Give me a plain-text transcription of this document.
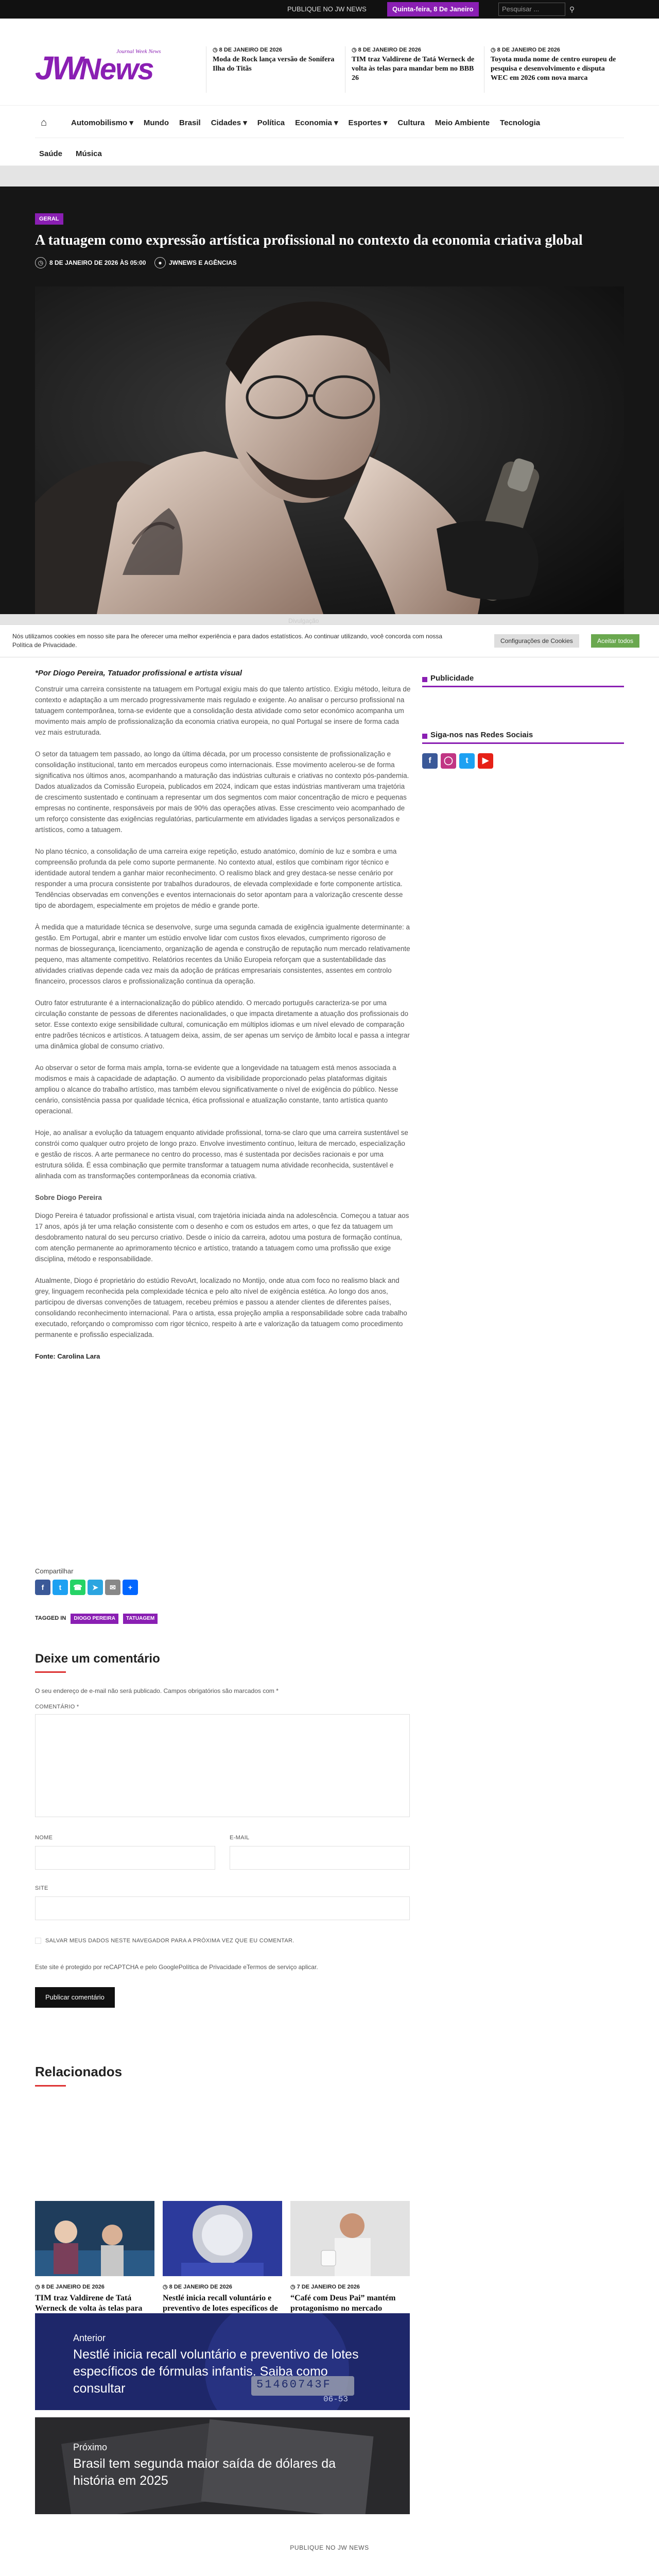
PUBLIQUE NO JW NEWS	Quinta-feira, 8 De Janeiro	Pesquisar ...	⚲
Journal Week News
JW
News
◷ 8 DE JANEIRO DE 2026
Moda de Rock lança versão de Soníferа Ilha do Titãs
◷ 8 DE JANEIRO DE 2026
TIM traz Valdirene de Tatá Werneck de volta às telas para mandar bem no BBB 26
◷ 8 DE JANEIRO DE 2026
Toyota muda nome de centro europeu de pesquisa e desenvolvimento e disputa WEC em 2026 com nova marca
⌂	Automobilismo ▾ Mundo Brasil Cidades ▾ Política Economia ▾ Esportes ▾ Cultura Meio Ambiente Tecnologia
Saúde Música
GERAL
A tatuagem como expressão artística profissional no contexto da economia criativa global
◷ 8 DE JANEIRO DE 2026 ÀS 05:00	●	JWNEWS E AGÊNCIAS
Divulgação

Nós utilizamos cookies em nosso site para lhe oferecer uma melhor experiência e para dados estatísticos. Ao continuar utilizando, você concorda com nossa Política de Privacidade.

Configurações de Cookies	Aceitar todos

*Por Diogo Pereira, Tatuador profissional e artista visual

Construir uma carreira consistente na tatuagem em Portugal exigiu mais do que talento artístico. Exigiu método, leitura de contexto e adaptação a um mercado progressivamente mais regulado e exigente. Ao analisar o percurso profissional na tatuagem contemporânea, torna-se evidente que a consolidação desta atividade como setor económico acompanha um movimento mais amplo de profissionalização da economia criativa europeia, no qual Portugal se insere de forma cada vez mais estruturada.

O setor da tatuagem tem passado, ao longo da última década, por um processo consistente de profissionalização e consolidação institucional, tanto em mercados europeus como internacionais. Esse movimento acelerou-se de forma significativa nos últimos anos, acompanhando a maturação das indústrias culturais e criativas no contexto pós-pandemia. Dados atualizados da Comissão Europeia, publicados em 2024, indicam que estas indústrias mantiveram uma trajetória de crescimento sustentado e continuam a representar um dos segmentos com maior concentração de micro e pequenas empresas no continente, responsáveis por mais de 90% das operações ativas. Esse crescimento veio acompanhado de um reforço consistente das exigências regulatórias, particularmente em atividades ligadas a serviços personalizados e artísticos, como a tatuagem.

No plano técnico, a consolidação de uma carreira exige repetição, estudo anatómico, domínio de luz e sombra e uma compreensão profunda da pele como suporte permanente. No contexto atual, estilos que combinam rigor técnico e identidade autoral tendem a ganhar maior reconhecimento. O realismo black and grey destaca-se nesse cenário por responder a uma procura consistente por trabalhos duradouros, de elevada complexidade e forte componente artística. Tendências observadas em convenções e eventos internacionais do setor apontam para a valorização crescente desse tipo de abordagem, especialmente em projetos de médio e grande porte.

À medida que a maturidade técnica se desenvolve, surge uma segunda camada de exigência igualmente determinante: a gestão. Em Portugal, abrir e manter um estúdio envolve lidar com custos fixos elevados, cumprimento rigoroso de normas de biossegurança, licenciamento, organização de agenda e construção de reputação num mercado relativamente pequeno, mas altamente competitivo. Relatórios recentes da União Europeia reforçam que a sustentabilidade das atividades criativas depende cada vez mais da adoção de práticas empresariais consistentes, assentes em controlo financeiro, processos claros e profissionalização contínua da operação.

Outro fator estruturante é a internacionalização do público atendido. O mercado português caracteriza-se por uma circulação constante de pessoas de diferentes nacionalidades, o que impacta diretamente a atuação dos profissionais do setor. Esse contexto exige sensibilidade cultural, comunicação em múltiplos idiomas e um nível elevado de comparação entre padrões técnicos e artísticos. A tatuagem deixa, assim, de ser apenas um serviço de âmbito local e passa a integrar uma dinâmica global de consumo criativo.

Ao observar o setor de forma mais ampla, torna-se evidente que a longevidade na tatuagem está menos associada a modismos e mais à capacidade de adaptação. O aumento da visibilidade proporcionado pelas plataformas digitais ampliou o alcance do trabalho artístico, mas também elevou significativamente o nível de exigência do público. Nesse cenário, consistência passa por qualidade técnica, ética profissional e atualização constante, tanto artística quanto operacional.

Hoje, ao analisar a evolução da tatuagem enquanto atividade profissional, torna-se claro que uma carreira sustentável se constrói como qualquer outro projeto de longo prazo. Envolve investimento contínuo, leitura de mercado, especialização e gestão de riscos. A arte permanece no centro do processo, mas é sustentada por decisões racionais e por uma estrutura sólida. É essa combinação que permite transformar a tatuagem numa atividade reconhecida, sustentável e alinhada com as transformações contemporâneas da economia criativa.

Sobre Diogo Pereira

Diogo Pereira é tatuador profissional e artista visual, com trajetória iniciada ainda na adolescência. Começou a tatuar aos 17 anos, após já ter uma relação consistente com o desenho e com os estudos em artes, o que fez da tatuagem um desdobramento natural do seu percurso criativo. Desde o início da carreira, adotou uma postura de formação contínua, com atenção permanente ao aprimoramento técnico e artístico, tratando a tatuagem como uma profissão que exige disciplina, método e responsabilidade.

Atualmente, Diogo é proprietário do estúdio RevoArt, localizado no Montijo, onde atua com foco no realismo black and grey, linguagem reconhecida pela complexidade técnica e pelo alto nível de exigência estética. Ao longo dos anos, participou de diversas convenções de tatuagem, recebeu prémios e passou a atender clientes de diferentes países, consolidando reconhecimento internacional. Para o artista, essa projeção amplia a responsabilidade sobre cada trabalho executado, reforçando o compromisso com rigor técnico, respeito à arte e valorização da tatuagem como procedimento permanente e profissão especializada.

Fonte: Carolina Lara

Publicidade
Siga-nos nas Redes Sociais
f	◯	t	▶
Compartilhar
f	t	☎	➤	✉	+
TAGGED IN DIOGO PEREIRA TATUAGEM
Deixe um comentário

O seu endereço de e-mail não será publicado. Campos obrigatórios são marcados com *

COMENTÁRIO *
NOME	E-MAIL
SITE
SALVAR MEUS DADOS NESTE NAVEGADOR PARA A PRÓXIMA VEZ QUE EU COMENTAR.

Este site é protegido por reCAPTCHA e pelo GooglePolítica de Privacidade eTermos de serviço aplicar.

Publicar comentário
Relacionados
◷ 8 DE JANEIRO DE 2026
TIM traz Valdirene de Tatá Werneck de volta às telas para
◷ 8 DE JANEIRO DE 2026
Nestlé inicia recall voluntário e preventivo de lotes específicos de
◷ 7 DE JANEIRO DE 2026
“Café com Deus Pai” mantém protagonismo no mercado
51460743F
06-53
Anterior
Nestlé inicia recall voluntário e preventivo de lotes específicos de fórmulas infantis. Saiba como consultar
Próximo
Brasil tem segunda maior saída de dólares da história em 2025
PUBLIQUE NO JW NEWS
